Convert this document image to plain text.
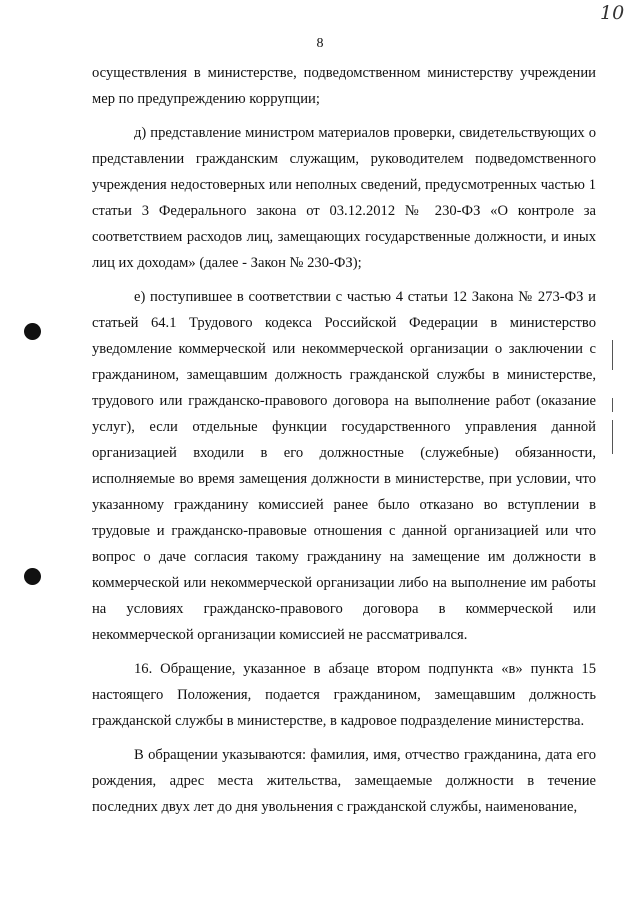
10
8

осуществления в министерстве, подведомственном министерству учреждении мер по предупреждению коррупции;

д) представление министром материалов проверки, свидетельствующих о представлении гражданским служащим, руководителем подведомственного учреждения недостоверных или неполных сведений, предусмотренных частью 1 статьи 3 Федерального закона от 03.12.2012 № 230-ФЗ «О контроле за соответствием расходов лиц, замещающих государственные должности, и иных лиц их доходам» (далее - Закон № 230-ФЗ);

е) поступившее в соответствии с частью 4 статьи 12 Закона № 273-ФЗ и статьей 64.1 Трудового кодекса Российской Федерации в министерство уведомление коммерческой или некоммерческой организации о заключении с гражданином, замещавшим должность гражданской службы в министерстве, трудового или гражданско-правового договора на выполнение работ (оказание услуг), если отдельные функции государственного управления данной организацией входили в его должностные (служебные) обязанности, исполняемые во время замещения должности в министерстве, при условии, что указанному гражданину комиссией ранее было отказано во вступлении в трудовые и гражданско-правовые отношения с данной организацией или что вопрос о даче согласия такому гражданину на замещение им должности в коммерческой или некоммерческой организации либо на выполнение им работы на условиях гражданско-правового договора в коммерческой или некоммерческой организации комиссией не рассматривался.

16. Обращение, указанное в абзаце втором подпункта «в» пункта 15 настоящего Положения, подается гражданином, замещавшим должность гражданской службы в министерстве, в кадровое подразделение министерства.

В обращении указываются: фамилия, имя, отчество гражданина, дата его рождения, адрес места жительства, замещаемые должности в течение последних двух лет до дня увольнения с гражданской службы, наименование,
